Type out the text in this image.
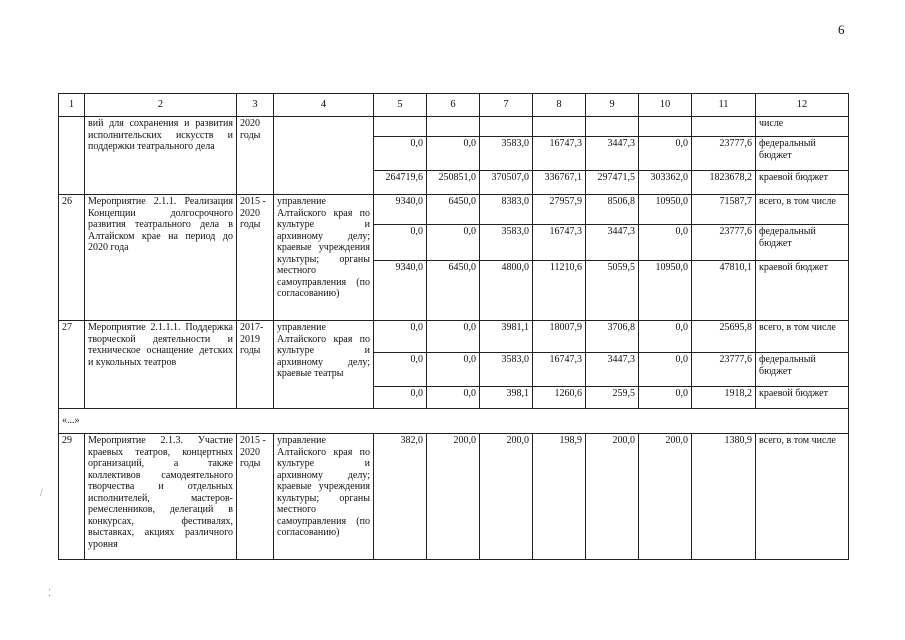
6
1	2	3	4	5	6	7	8	9	10	11	12
	вий для сохранения и развития исполнительских искусств и поддержки театрального дела	2020 годы									числе
				0,0	0,0	3583,0	16747,3	3447,3	0,0	23777,6	федеральный бюджет
				264719,6	250851,0	370507,0	336767,1	297471,5	303362,0	1823678,2	краевой бюджет
26	Мероприятие 2.1.1. Реализация Концепции долгосрочного развития театрального дела в Алтайском крае на период до 2020 года	2015 - 2020 годы	управление Алтайского края по культуре и архивному делу; краевые учреждения культуры; органы местного самоуправления (по согласованию)	9340,0	6450,0	8383,0	27957,9	8506,8	10950,0	71587,7	всего, в том числе
				0,0	0,0	3583,0	16747,3	3447,3	0,0	23777,6	федеральный бюджет
				9340,0	6450,0	4800,0	11210,6	5059,5	10950,0	47810,1	краевой бюджет
27	Мероприятие 2.1.1.1. Поддержка творческой деятельности и техническое оснащение детских и кукольных театров	2017-2019 годы	управление Алтайского края по культуре и архивному делу; краевые театры	0,0	0,0	3981,1	18007,9	3706,8	0,0	25695,8	всего, в том числе
				0,0	0,0	3583,0	16747,3	3447,3	0,0	23777,6	федеральный бюджет
				0,0	0,0	398,1	1260,6	259,5	0,0	1918,2	краевой бюджет
«...»											
29	Мероприятие 2.1.3. Участие краевых театров, концертных организаций, а также коллективов самодеятельного творчества и отдельных исполнителей, мастеров-ремесленников, делегаций в конкурсах, фестивалях, выставках, акциях различного уровня	2015 - 2020 годы	управление Алтайского края по культуре и архивному делу; краевые учреждения культуры; органы местного самоуправления (по согласованию)	382,0	200,0	200,0	198,9	200,0	200,0	1380,9	всего, в том числе
/
⁚
